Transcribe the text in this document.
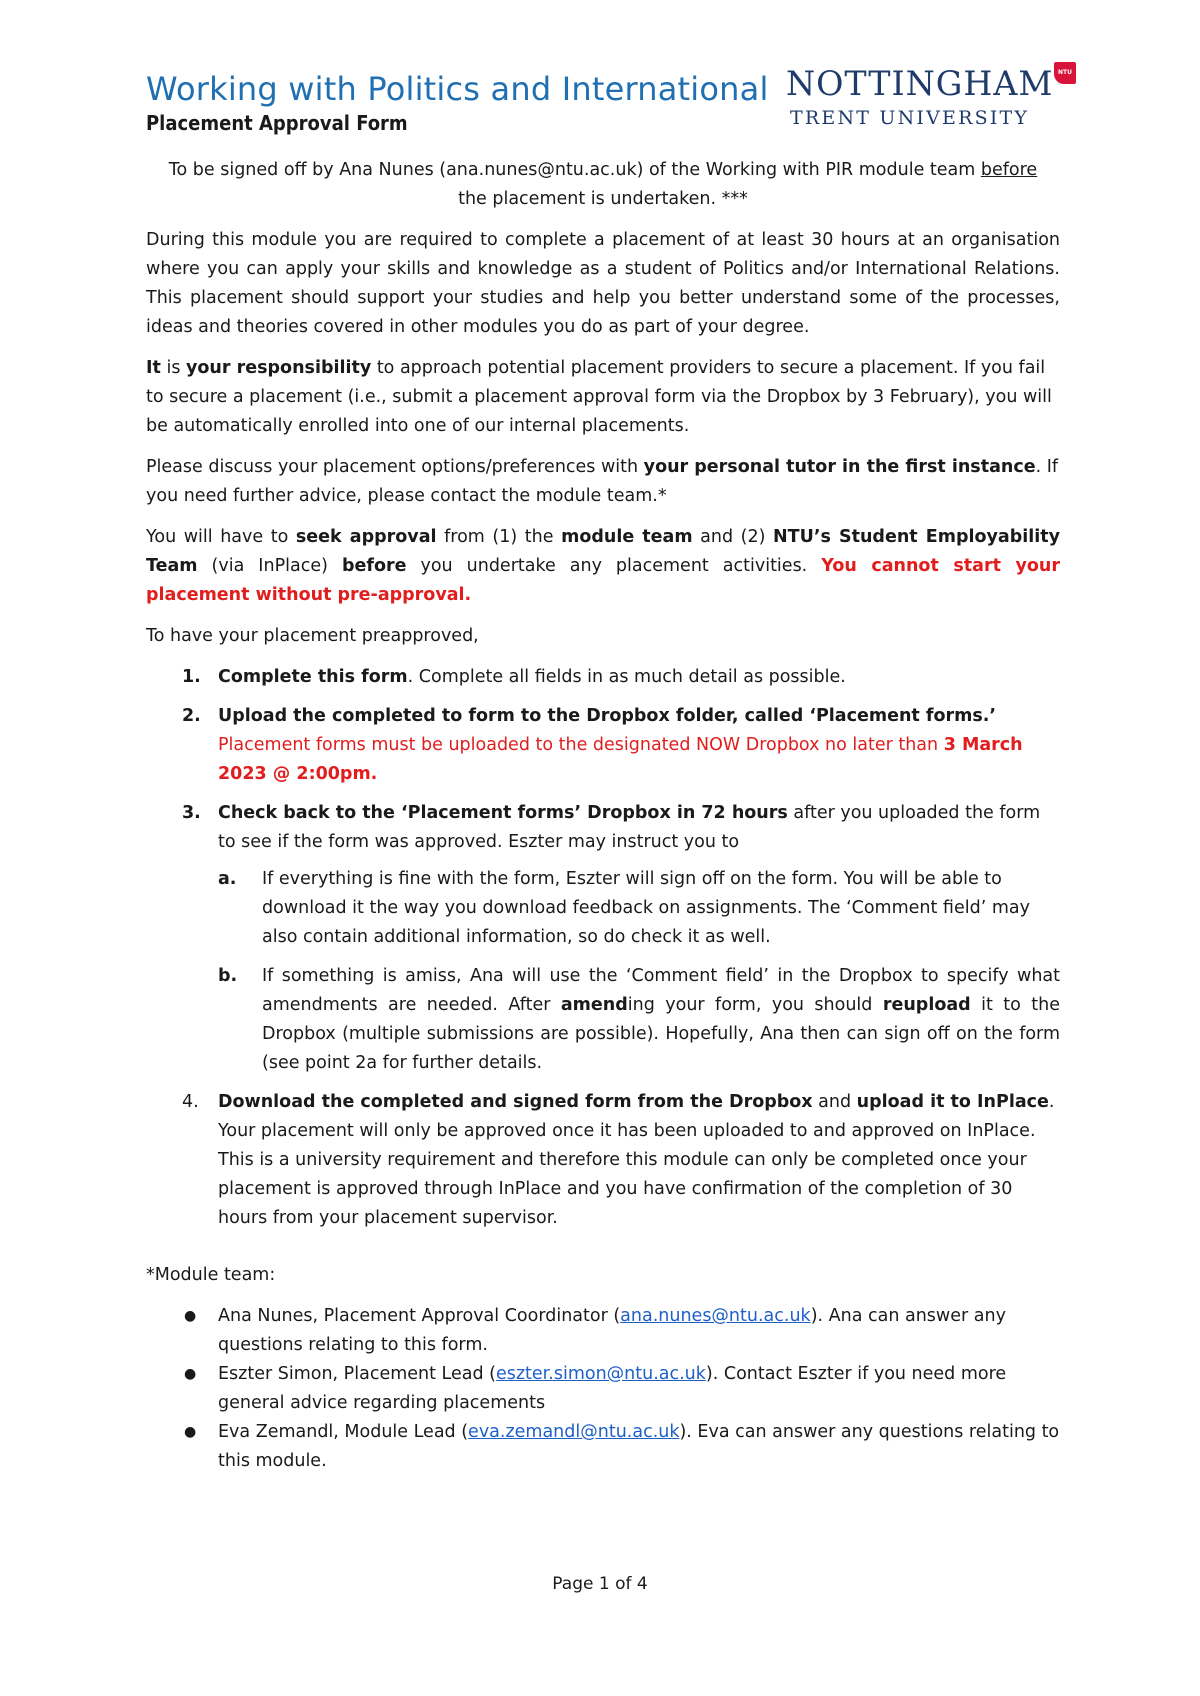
Working with Politics and International
Placement Approval Form
NOTTINGHAM
TRENT UNIVERSITY
NTU

To be signed off by Ana Nunes (ana.nunes@ntu.ac.uk) of the Working with PIR module team before
the placement is undertaken. ***

During this module you are required to complete a placement of at least 30 hours at an organisation where you can apply your skills and knowledge as a student of Politics and/or International Relations. This placement should support your studies and help you better understand some of the processes, ideas and theories covered in other modules you do as part of your degree.

It is your responsibility to approach potential placement providers to secure a placement. If you fail to secure a placement (i.e., submit a placement approval form via the Dropbox by 3 February), you will be automatically enrolled into one of our internal placements.

Please discuss your placement options/preferences with your personal tutor in the first instance. If you need further advice, please contact the module team.*

You will have to seek approval from (1) the module team and (2) NTU’s Student Employability Team (via InPlace) before you undertake any placement activities. You cannot start your placement without pre-approval.

To have your placement preapproved,

1. Complete this form. Complete all fields in as much detail as possible.
2. Upload the completed to form to the Dropbox folder, called ‘Placement forms.’
Placement forms must be uploaded to the designated NOW Dropbox no later than 3 March 2023 @ 2:00pm.
3. Check back to the ‘Placement forms’ Dropbox in 72 hours after you uploaded the form to see if the form was approved. Eszter may instruct you to
a. If everything is fine with the form, Eszter will sign off on the form. You will be able to download it the way you download feedback on assignments. The ‘Comment field’ may also contain additional information, so do check it as well.
b. If something is amiss, Ana will use the ‘Comment field’ in the Dropbox to specify what amendments are needed. After amending your form, you should reupload it to the Dropbox (multiple submissions are possible). Hopefully, Ana then can sign off on the form (see point 2a for further details.
4. Download the completed and signed form from the Dropbox and upload it to InPlace. Your placement will only be approved once it has been uploaded to and approved on InPlace. This is a university requirement and therefore this module can only be completed once your placement is approved through InPlace and you have confirmation of the completion of 30 hours from your placement supervisor.

*Module team:

● Ana Nunes, Placement Approval Coordinator (ana.nunes@ntu.ac.uk). Ana can answer any questions relating to this form.
● Eszter Simon, Placement Lead (eszter.simon@ntu.ac.uk). Contact Eszter if you need more general advice regarding placements
● Eva Zemandl, Module Lead (eva.zemandl@ntu.ac.uk). Eva can answer any questions relating to this module.
Page 1 of 4
